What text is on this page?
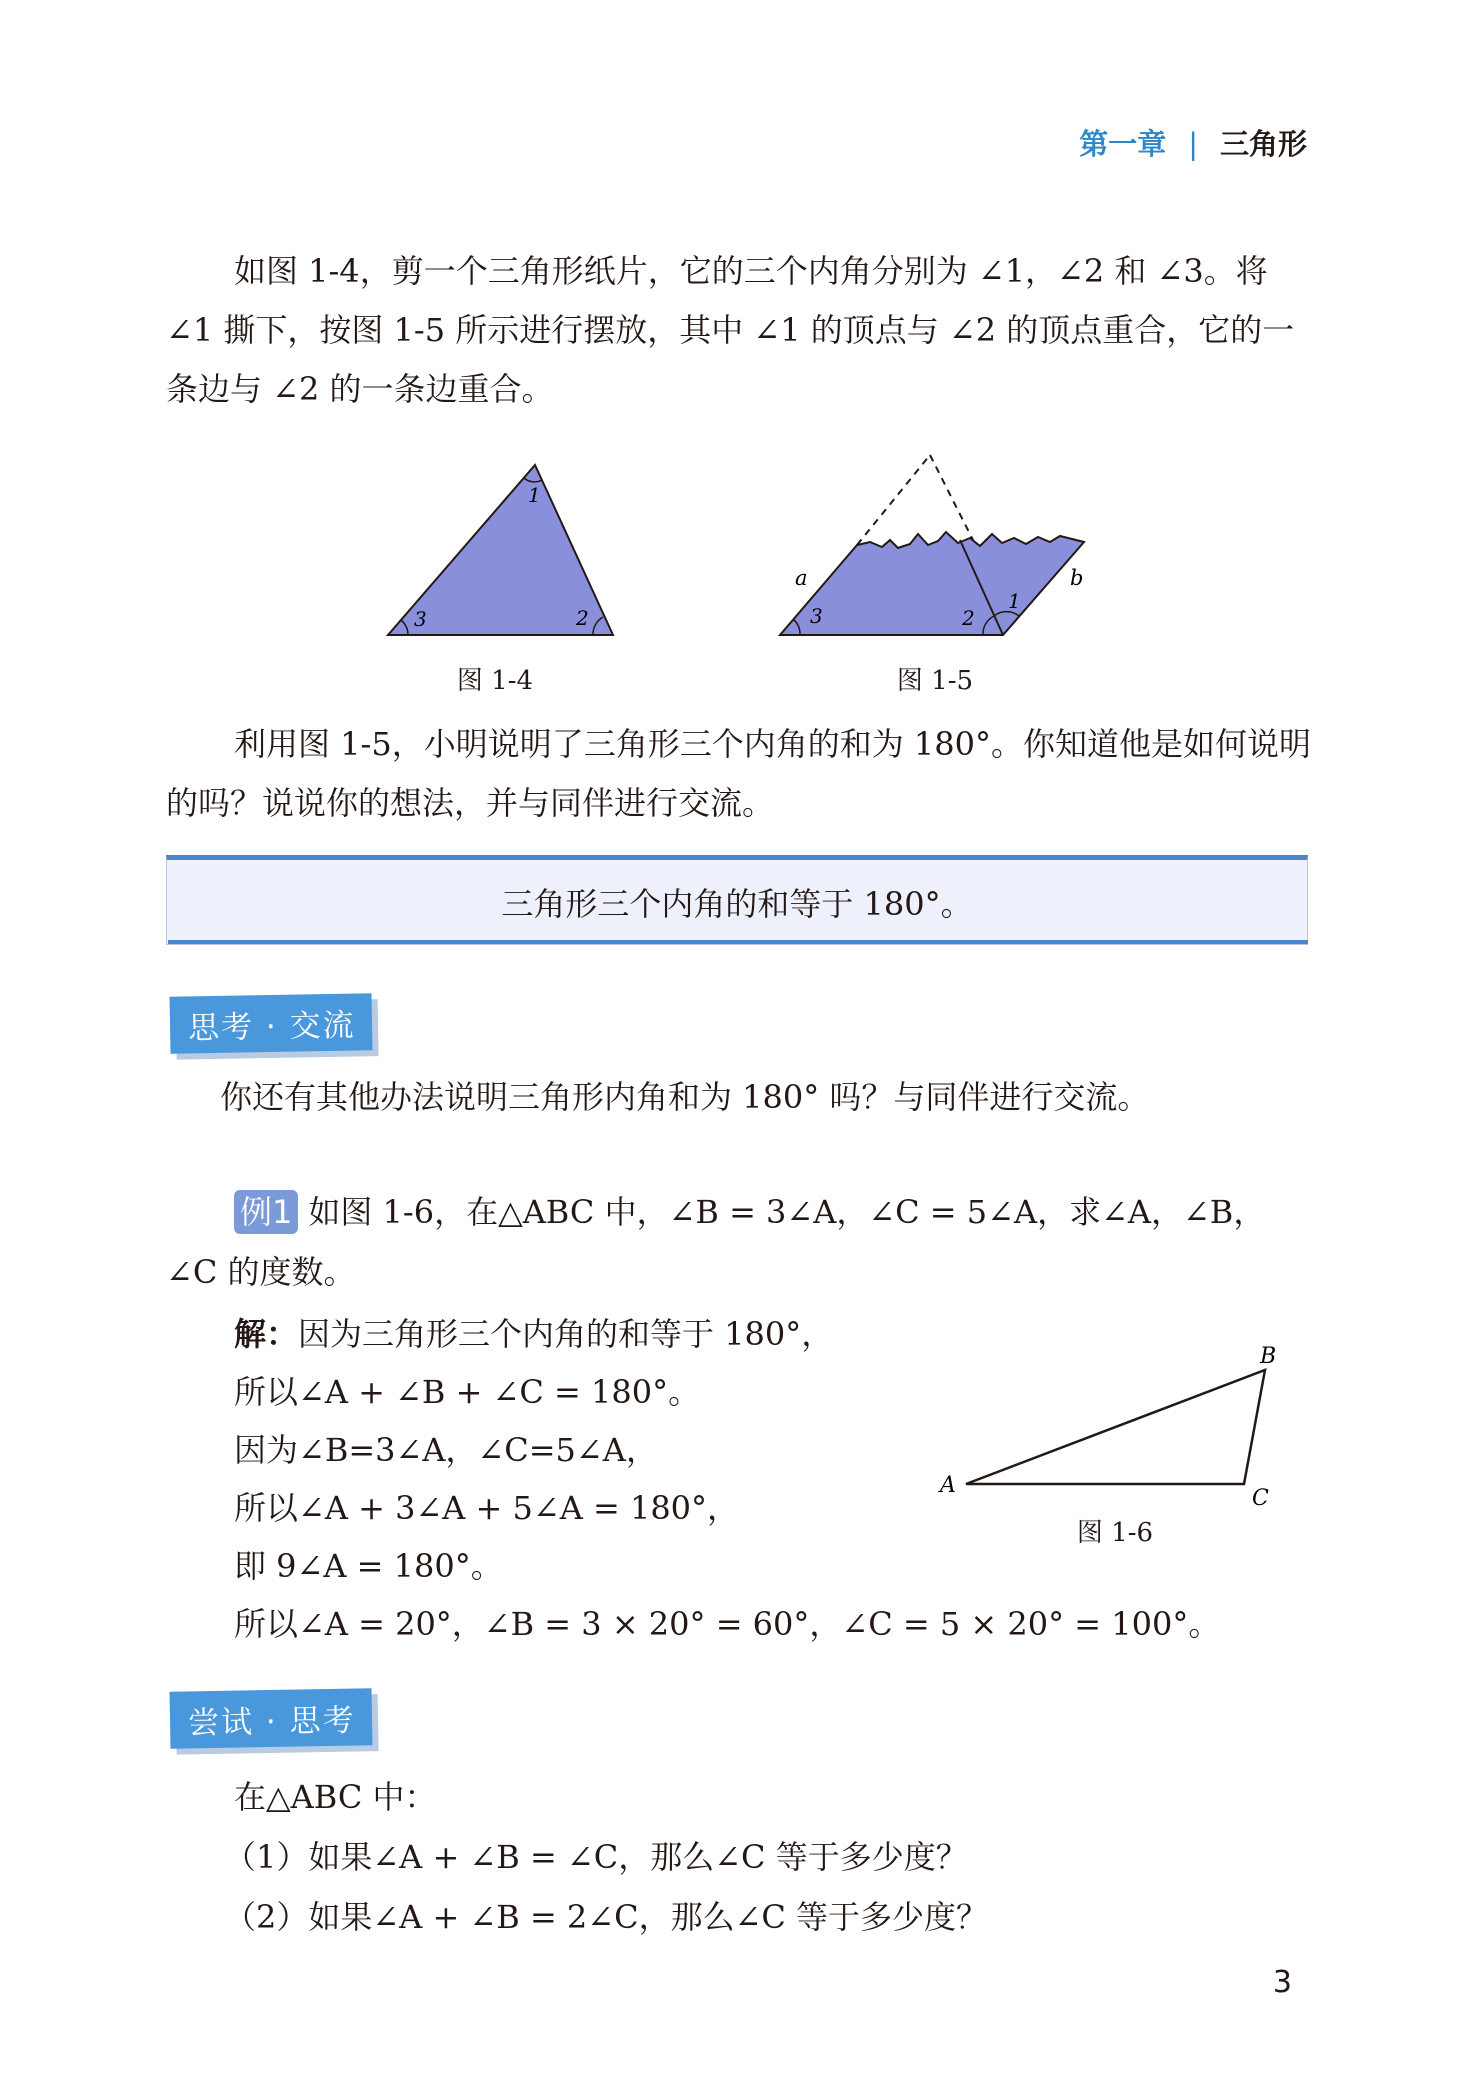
第一章 | 三角形
如图 1-4，剪一个三角形纸片，它的三个内角分别为 ∠1，∠2 和 ∠3。将 ∠1 撕下，按图 1-5 所示进行摆放，其中 ∠1 的顶点与 ∠2 的顶点重合，它的一条边与 ∠2 的一条边重合。
1
2
3
图 1-4
a	b
1
2
3
图 1-5
利用图 1-5，小明说明了三角形三个内角的和为 180°。你知道他是如何说明的吗？说说你的想法，并与同伴进行交流。
三角形三个内角的和等于 180°。
思考 · 交流
你还有其他办法说明三角形内角和为 180° 吗？与同伴进行交流。
例1 如图 1-6，在△ABC 中，∠B = 3∠A，∠C = 5∠A，求∠A，∠B，
∠C 的度数。
解：因为三角形三个内角的和等于 180°，
所以∠A + ∠B + ∠C = 180°。
因为∠B=3∠A，∠C=5∠A，
所以∠A + 3∠A + 5∠A = 180°，
即 9∠A = 180°。
所以∠A = 20°，∠B = 3 × 20° = 60°，∠C = 5 × 20° = 100°。
A
B
C
图 1-6
尝试 · 思考
在△ABC 中：
（1）如果∠A + ∠B = ∠C，那么∠C 等于多少度？
（2）如果∠A + ∠B = 2∠C，那么∠C 等于多少度？
3
